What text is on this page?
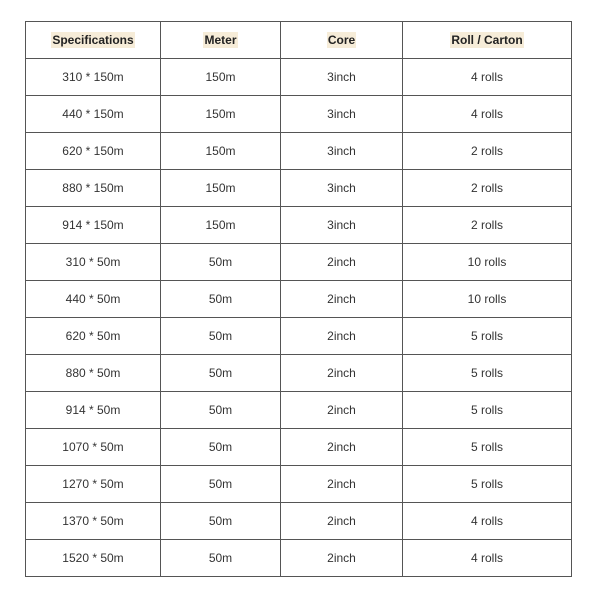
Specifications	Meter	Core	Roll / Carton
310 * 150m	150m	3inch	4 rolls
440 * 150m	150m	3inch	4 rolls
620 * 150m	150m	3inch	2 rolls
880 * 150m	150m	3inch	2 rolls
914 * 150m	150m	3inch	2 rolls
310 * 50m	50m	2inch	10 rolls
440 * 50m	50m	2inch	10 rolls
620 * 50m	50m	2inch	5 rolls
880 * 50m	50m	2inch	5 rolls
914 * 50m	50m	2inch	5 rolls
1070 * 50m	50m	2inch	5 rolls
1270 * 50m	50m	2inch	5 rolls
1370 * 50m	50m	2inch	4 rolls
1520 * 50m	50m	2inch	4 rolls
